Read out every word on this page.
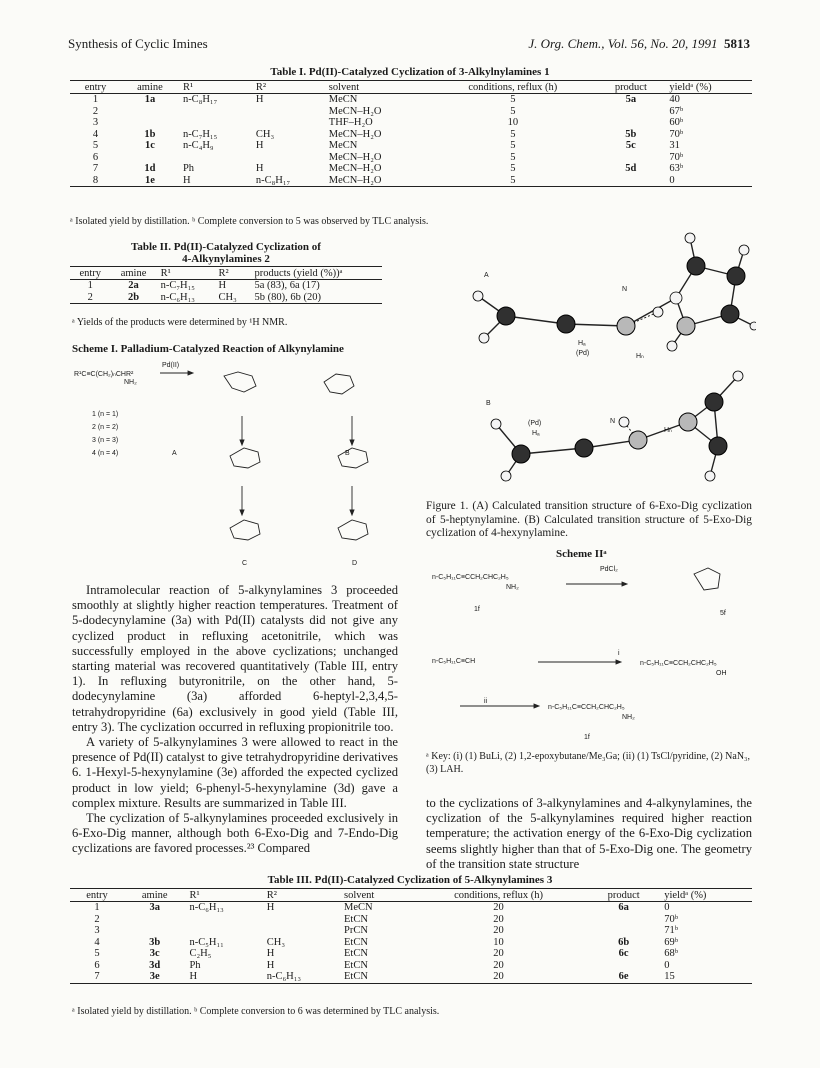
Synthesis of Cyclic Imines	J. Org. Chem., Vol. 56, No. 20, 1991 5813
Table I. Pd(II)-Catalyzed Cyclization of 3-Alkylnylamines 1
entry	amine	R¹	R²	solvent	conditions, reflux (h)	product	yieldᵃ (%)
1	1a	n-C₈H₁₇	H	MeCN	5	5a	40
2				MeCN–H₂O	5		67ᵇ
3				THF–H₂O	10		60ᵇ
4	1b	n-C₇H₁₅	CH₃	MeCN–H₂O	5	5b	70ᵇ
5	1c	n-C₄H₉	H	MeCN	5	5c	31
6				MeCN–H₂O	5		70ᵇ
7	1d	Ph	H	MeCN–H₂O	5	5d	63ᵇ
8	1e	H	n-C₈H₁₇	MeCN–H₂O	5		0
ᵃ Isolated yield by distillation. ᵇ Complete conversion to 5 was observed by TLC analysis.
Table II. Pd(II)-Catalyzed Cyclization of
4-Alkynylamines 2
entry	amine	R¹	R²	products (yield (%))ᵃ
1	2a	n-C₇H₁₅	H	5a (83), 6a (17)
2	2b	n-C₆H₁₃	CH₃	5b (80), 6b (20)
ᵃ Yields of the products were determined by ¹H NMR.
Scheme I. Palladium-Catalyzed Reaction of Alkynylamine
R¹C≡C(CH₂)ₙCHR²
NH₂
Pd(II)
A	B
C	D
1 (n = 1)
2 (n = 2)
3 (n = 3)
4 (n = 4)

Intramolecular reaction of 5-alkynylamines 3 proceeded smoothly at slightly higher reaction temperatures. Treatment of 5-dodecynylamine (3a) with Pd(II) catalysts did not give any cyclized product in refluxing acetonitrile, which was successfully employed in the above cyclizations; unchanged starting material was recovered quantitatively (Table III, entry 1). In refluxing butyronitrile, on the other hand, 5-dodecynylamine (3a) afforded 6-heptyl-2,3,4,5-tetrahydropyridine (6a) exclusively in good yield (Table III, entry 3). The cyclization occurred in refluxing propionitrile too.

A variety of 5-alkynylamines 3 were allowed to react in the presence of Pd(II) catalyst to give tetrahydropyridine derivatives 6. 1-Hexyl-5-hexynylamine (3e) afforded the expected cyclized product in low yield; 6-phenyl-5-hexynylamine (3d) gave a complex mixture. Results are summarized in Table III.

The cyclization of 5-alkynylamines proceeded exclusively in 6-Exo-Dig manner, although both 6-Exo-Dig and 7-Endo-Dig cyclizations are favored processes.²³ Compared

A
B
N
Hₐ
(Pd)	Hₙ
(Pd)
Hₐ
N
Hₙ
Figure 1. (A) Calculated transition structure of 6-Exo-Dig cyclization of 5-heptynylamine. (B) Calculated transition structure of 5-Exo-Dig cyclization of 4-hexynylamine.
Scheme IIᵃ
n-C₅H₁₁C≡CCH₂CHC₂H₅
NH₂
1f
PdCl₂
5f
n-C₅H₁₁C≡CH
i
n-C₅H₁₁C≡CCH₂CHC₂H₅
OH
ii
n-C₅H₁₁C≡CCH₂CHC₂H₅
NH₂
1f
ᵃ Key: (i) (1) BuLi, (2) 1,2-epoxybutane/Me₃Ga; (ii) (1) TsCl/pyridine, (2) NaN₃, (3) LAH.
to the cyclizations of 3-alkynylamines and 4-alkynylamines, the cyclization of the 5-alkynylamines required higher reaction temperature; the activation energy of the 6-Exo-Dig cyclization seems slightly higher than that of 5-Exo-Dig one. The geometry of the transition state structure
Table III. Pd(II)-Catalyzed Cyclization of 5-Alkynylamines 3
entry	amine	R¹	R²	solvent	conditions, reflux (h)	product	yieldᵃ (%)
1	3a	n-C₆H₁₃	H	MeCN	20	6a	0
2				EtCN	20		70ᵇ
3				PrCN	20		71ᵇ
4	3b	n-C₅H₁₁	CH₃	EtCN	10	6b	69ᵇ
5	3c	C₂H₅	H	EtCN	20	6c	68ᵇ
6	3d	Ph	H	EtCN	20		0
7	3e	H	n-C₆H₁₃	EtCN	20	6e	15
ᵃ Isolated yield by distillation. ᵇ Complete conversion to 6 was determined by TLC analysis.
